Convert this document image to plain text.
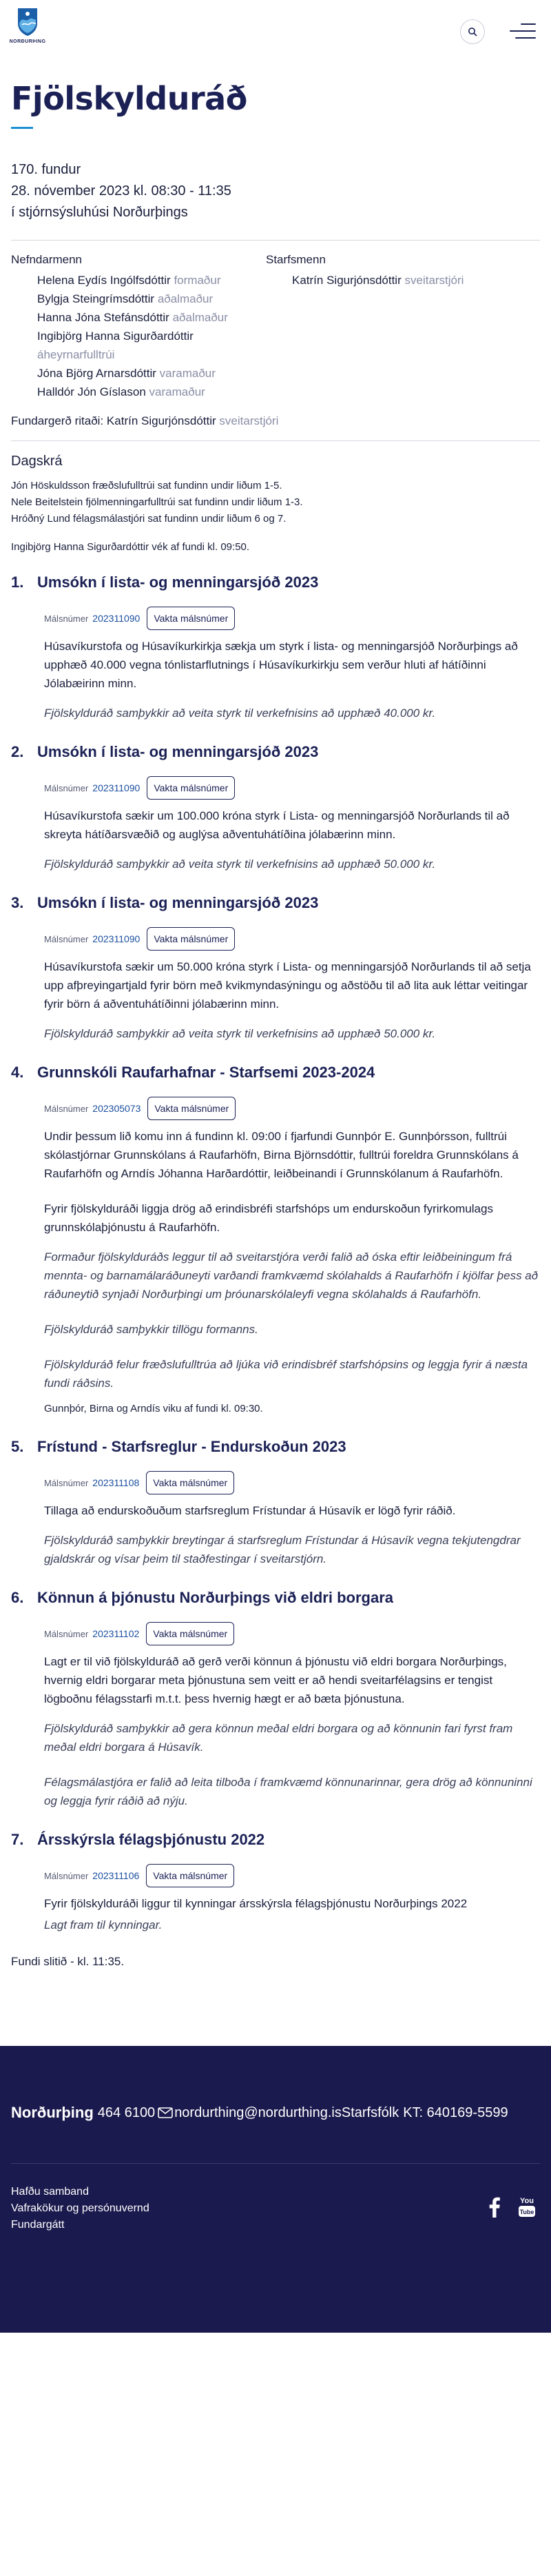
NORÐURÞING
Fjölskylduráð
170. fundur
28. nóvember 2023 kl. 08:30 - 11:35
í stjórnsýsluhúsi Norðurþings
Nefndarmenn
Helena Eydís Ingólfsdóttir formaður
Bylgja Steingrímsdóttir aðalmaður
Hanna Jóna Stefánsdóttir aðalmaður
Ingibjörg Hanna Sigurðardóttir
áheyrnarfulltrúi
Jóna Björg Arnarsdóttir varamaður
Halldór Jón Gíslason varamaður
Starfsmenn
Katrín Sigurjónsdóttir sveitarstjóri
Fundargerð ritaði: Katrín Sigurjónsdóttir sveitarstjóri
Dagskrá
Jón Höskuldsson fræðslufulltrúi sat fundinn undir liðum 1-5.
Nele Beitelstein fjölmenningarfulltrúi sat fundinn undir liðum 1-3.
Hróðný Lund félagsmálastjóri sat fundinn undir liðum 6 og 7.
Ingibjörg Hanna Sigurðardóttir vék af fundi kl. 09:50.
1. Umsókn í lista- og menningarsjóð 2023
Málsnúmer 202311090	Vakta málsnúmer

Húsavíkurstofa og Húsavíkurkirkja sækja um styrk í lista- og menningarsjóð Norðurþings að upphæð 40.000 vegna tónlistarflutnings í Húsavíkurkirkju sem verður hluti af hátíðinni Jólabæirinn minn.

Fjölskylduráð samþykkir að veita styrk til verkefnisins að upphæð 40.000 kr.

2. Umsókn í lista- og menningarsjóð 2023
Málsnúmer 202311090	Vakta málsnúmer

Húsavíkurstofa sækir um 100.000 króna styrk í Lista- og menningarsjóð Norðurlands til að skreyta hátíðarsvæðið og auglýsa aðventuhátíðina jólabærinn minn.

Fjölskylduráð samþykkir að veita styrk til verkefnisins að upphæð 50.000 kr.

3. Umsókn í lista- og menningarsjóð 2023
Málsnúmer 202311090	Vakta málsnúmer

Húsavíkurstofa sækir um 50.000 króna styrk í Lista- og menningarsjóð Norðurlands til að setja upp afþreyingartjald fyrir börn með kvikmyndasýningu og aðstöðu til að lita auk léttar veitingar fyrir börn á aðventuhátíðinni jólabærinn minn.

Fjölskylduráð samþykkir að veita styrk til verkefnisins að upphæð 50.000 kr.

4. Grunnskóli Raufarhafnar - Starfsemi 2023-2024
Málsnúmer 202305073	Vakta málsnúmer

Undir þessum lið komu inn á fundinn kl. 09:00 í fjarfundi Gunnþór E. Gunnþórsson, fulltrúi skólastjórnar Grunnskólans á Raufarhöfn, Birna Björnsdóttir, fulltrúi foreldra Grunnskólans á Raufarhöfn og Arndís Jóhanna Harðardóttir, leiðbeinandi í Grunnskólanum á Raufarhöfn.

Fyrir fjölskylduráði liggja drög að erindisbréfi starfshóps um endurskoðun fyrirkomulags grunnskólaþjónustu á Raufarhöfn.

Formaður fjölskylduráðs leggur til að sveitarstjóra verði falið að óska eftir leiðbeiningum frá mennta- og barnamálaráðuneyti varðandi framkvæmd skólahalds á Raufarhöfn í kjölfar þess að ráðuneytið synjaði Norðurþingi um þróunarskólaleyfi vegna skólahalds á Raufarhöfn.

Fjölskylduráð samþykkir tillögu formanns.

Fjölskylduráð felur fræðslufulltrúa að ljúka við erindisbréf starfshópsins og leggja fyrir á næsta fundi ráðsins.

Gunnþór, Birna og Arndís viku af fundi kl. 09:30.

5. Frístund - Starfsreglur - Endurskoðun 2023
Málsnúmer 202311108	Vakta málsnúmer

Tillaga að endurskoðuðum starfsreglum Frístundar á Húsavík er lögð fyrir ráðið.

Fjölskylduráð samþykkir breytingar á starfsreglum Frístundar á Húsavík vegna tekjutengdrar gjaldskrár og vísar þeim til staðfestingar í sveitarstjórn.

6. Könnun á þjónustu Norðurþings við eldri borgara
Málsnúmer 202311102	Vakta málsnúmer

Lagt er til við fjölskylduráð að gerð verði könnun á þjónustu við eldri borgara Norðurþings, hvernig eldri borgarar meta þjónustuna sem veitt er að hendi sveitarfélagsins er tengist lögboðnu félagsstarfi m.t.t. þess hvernig hægt er að bæta þjónustuna.

Fjölskylduráð samþykkir að gera könnun meðal eldri borgara og að könnunin fari fyrst fram meðal eldri borgara á Húsavík.

Félagsmálastjóra er falið að leita tilboða í framkvæmd könnunarinnar, gera drög að könnuninni og leggja fyrir ráðið að nýju.

7. Ársskýrsla félagsþjónustu 2022
Málsnúmer 202311106	Vakta málsnúmer

Fyrir fjölskylduráði liggur til kynningar ársskýrsla félagsþjónustu Norðurþings 2022

Lagt fram til kynningar.

Fundi slitið - kl. 11:35.
Norðurþing 464 6100 nordurthing@nordurthing.is Starfsfólk KT: 640169-5599
Hafðu samband
Vafrakökur og persónuvernd
Fundargátt
You
Tube
